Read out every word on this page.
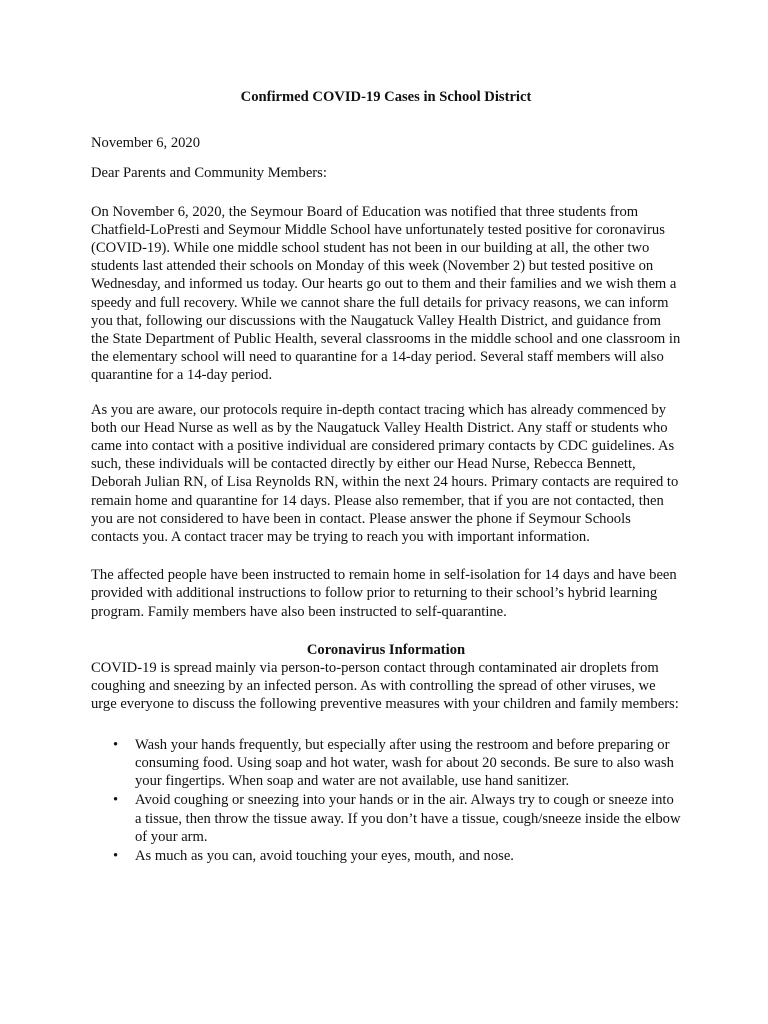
Confirmed COVID-19 Cases in School District
November 6, 2020
Dear Parents and Community Members:
On November 6, 2020, the Seymour Board of Education was notified that three students from Chatfield-LoPresti and Seymour Middle School have unfortunately tested positive for coronavirus (COVID-19). While one middle school student has not been in our building at all, the other two students last attended their schools on Monday of this week (November 2) but tested positive on Wednesday, and informed us today. Our hearts go out to them and their families and we wish them a speedy and full recovery. While we cannot share the full details for privacy reasons, we can inform you that, following our discussions with the Naugatuck Valley Health District, and guidance from the State Department of Public Health, several classrooms in the middle school and one classroom in the elementary school will need to quarantine for a 14-day period. Several staff members will also quarantine for a 14-day period.
As you are aware, our protocols require in-depth contact tracing which has already commenced by both our Head Nurse as well as by the Naugatuck Valley Health District. Any staff or students who came into contact with a positive individual are considered primary contacts by CDC guidelines. As such, these individuals will be contacted directly by either our Head Nurse, Rebecca Bennett, Deborah Julian RN, of Lisa Reynolds RN, within the next 24 hours. Primary contacts are required to remain home and quarantine for 14 days. Please also remember, that if you are not contacted, then you are not considered to have been in contact. Please answer the phone if Seymour Schools contacts you. A contact tracer may be trying to reach you with important information.
The affected people have been instructed to remain home in self-isolation for 14 days and have been provided with additional instructions to follow prior to returning to their school’s hybrid learning program. Family members have also been instructed to self-quarantine.
Coronavirus Information
COVID-19 is spread mainly via person-to-person contact through contaminated air droplets from coughing and sneezing by an infected person. As with controlling the spread of other viruses, we urge everyone to discuss the following preventive measures with your children and family members:
• Wash your hands frequently, but especially after using the restroom and before preparing or consuming food. Using soap and hot water, wash for about 20 seconds. Be sure to also wash your fingertips. When soap and water are not available, use hand sanitizer.
• Avoid coughing or sneezing into your hands or in the air. Always try to cough or sneeze into a tissue, then throw the tissue away. If you don’t have a tissue, cough/sneeze inside the elbow of your arm.
• As much as you can, avoid touching your eyes, mouth, and nose.
